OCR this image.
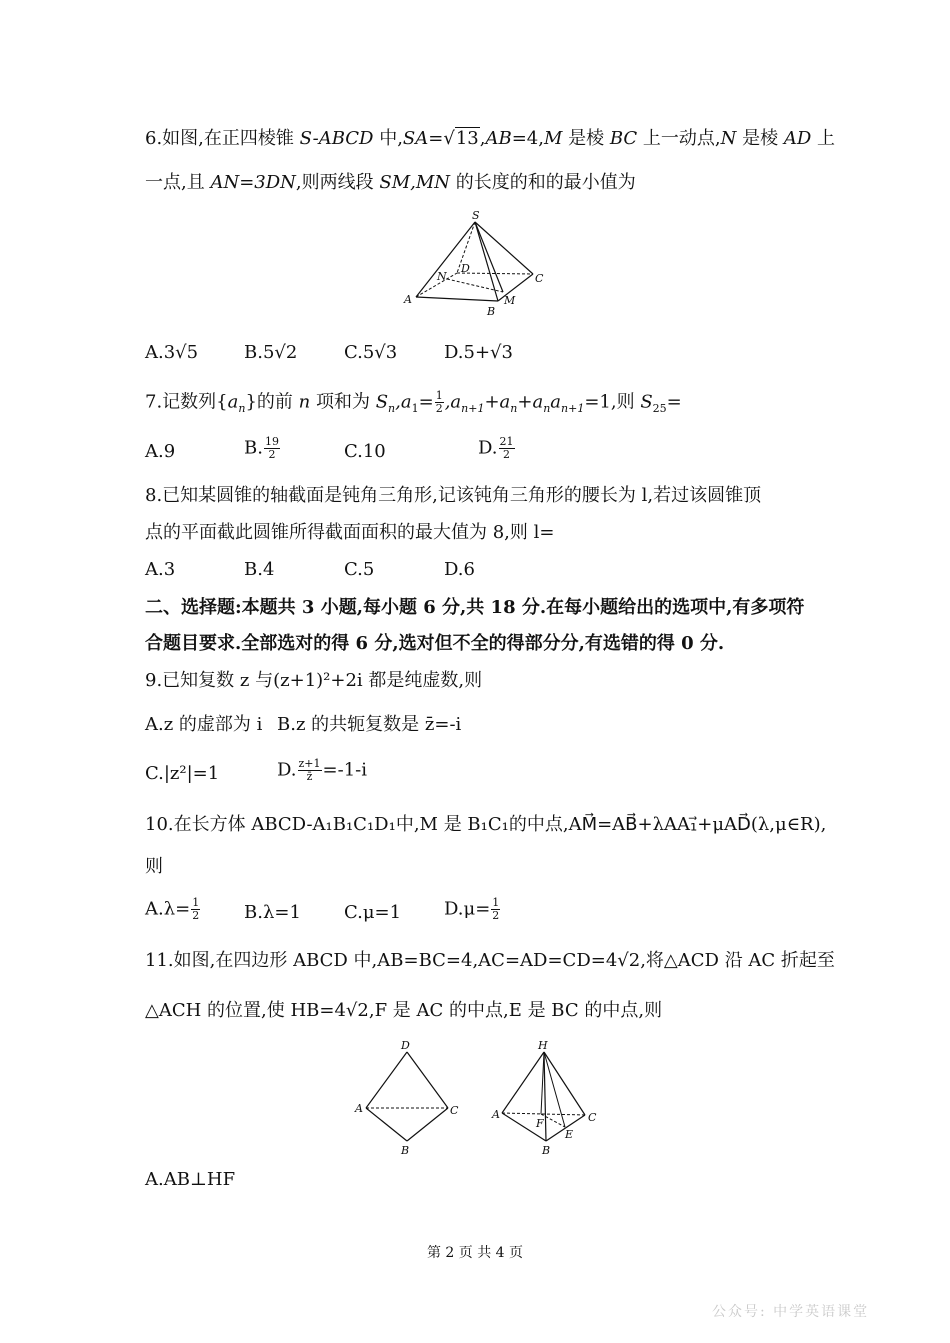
6.如图,在正四棱锥 S-ABCD 中,SA=√13,AB=4,M 是棱 BC 上一动点,N 是棱 AD 上
一点,且 AN=3DN,则两线段 SM,MN 的长度的和的最小值为
S
A
B
C
D
N
M
A.3√5	B.5√2	C.5√3	D.5+√3
7.记数列$\{a_n\}$的前 n 项和为 $S_n,a_1= \frac{1}{2} ,a_{n+1}+a_n+a_na_{n+1}=1$,则 $S_{25}=$
A.9	B. $\frac{19}{2}$	C.10	D. $\frac{21}{2}$
8.已知某圆锥的轴截面是钝角三角形,记该钝角三角形的腰长为 l,若过该圆锥顶
点的平面截此圆锥所得截面面积的最大值为 8,则 l=
A.3	B.4	C.5	D.6
二、选择题:本题共 3 小题,每小题 6 分,共 18 分.在每小题给出的选项中,有多项符
合题目要求.全部选对的得 6 分,选对但不全的得部分分,有选错的得 0 分.
9.已知复数 z 与(z+1)²+2i 都是纯虚数,则
A.z 的虚部为 i B.z 的共轭复数是 z̄=-i
C.|z²|=1	D. $\frac{z+1}{z̄} =-1-i$
10.在长方体 ABCD-A₁B₁C₁D₁中,M 是 B₁C₁的中点,AM⃗=AB⃗+λAA₁⃗+μAD⃗(λ,μ∈R),
则
$A.\lambda= \frac{1}{2} B.\lambda=1$ C.μ=1 $D.\mu= \frac{1}{2}$
11.如图,在四边形 ABCD 中,AB=BC=4,AC=AD=CD=4√2,将△ACD 沿 AC 折起至
△ACH 的位置,使 HB=4√2,F 是 AC 的中点,E 是 BC 的中点,则
D
A	C
B
H
A	C
B
F
E
A.AB⊥HF
第 2 页 共 4 页
公众号: 中学英语课堂
